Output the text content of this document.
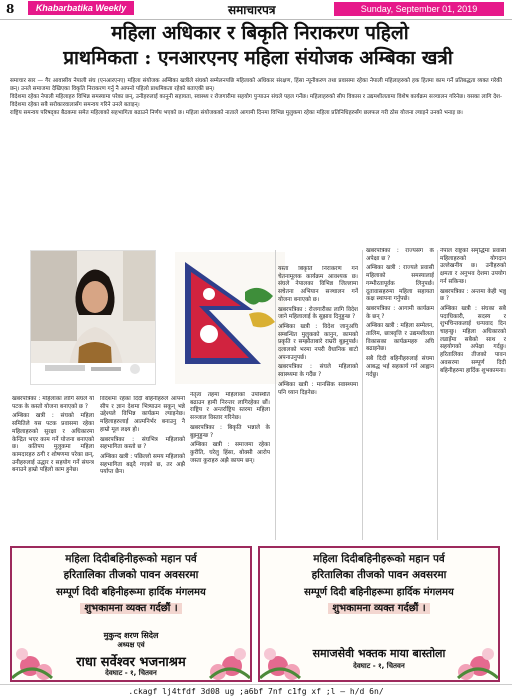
8	Khabarbatika Weekly	समाचारपत्र	Sunday, September 01, 2019
महिला अधिकार र बिकृति निराकरण पहिलो
प्राथमिकता : एनआरएनए महिला संयोजक अम्बिका खत्री

समाचार सार — गैर आवासीय नेपाली संघ (एनआरएनए) महिला संयोजक अम्बिका खत्रीले संघको सम्मेलनपछि महिलाको अधिकार संरक्षण, हिंसा न्यूनीकरण तथा प्रवासमा रहेका नेपाली महिलाहरुको हक हितमा काम गर्ने प्रतिबद्धता व्यक्त गरेकी छन्। उनले समाजमा देखिएका विकृति निराकरण गर्नु नै आफ्नो पहिलो प्राथमिकता रहेको बताएकी छन्।

विदेशमा रहेका नेपाली महिलाहरु विभिन्न समस्यामा परेका छन्, उनीहरुलाई कानुनी सहायता, स्वास्थ्य र रोजगारीमा सहयोग पुर्‍याउन संघले पहल गर्नेछ। महिलाहरुको सीप विकास र उद्यमशीलतामा विशेष कार्यक्रम सञ्चालन गरिनेछ। यसका लागि देश-विदेशमा रहेका सबै सरोकारवालासँग समन्वय गरिने उनले बताइन्।

राष्ट्रिय समन्वय परिषद्का बैठकमा समेत महिलाको सहभागिता बढाउने निर्णय भएको छ। महिला संयोजकको नाताले आगामी दिनमा विभिन्न मुलुकमा रहेका महिला प्रतिनिधिहरुसँग छलफल गरी ठोस योजना ल्याइने उनको भनाइ छ।

खबरपत्रिका : महिलाका लागि संघले यो पटक के कस्तो योजना बनाएको छ ?

अम्बिका खत्री : संघको महिला समितिले यस पटक प्रवासमा रहेका महिलाहरुको सुरक्षा र अधिकारमा केन्द्रित भएर काम गर्ने योजना बनाएको छ। कतिपय मुलुकमा महिला कामदारहरु ठगी र शोषणमा परेका छन्, उनीहरुलाई उद्धार र सहयोग गर्ने संयन्त्र बनाउने हाम्रो पहिलो काम हुनेछ।

विदेशमा रहेका दिदी बहिनीहरुले आफ्नो सीप र ज्ञान देशमा भित्र्याउन सकून् भन्ने उद्देश्यले विभिन्न कार्यक्रम ल्याइनेछ। महिलाहरुलाई आत्मनिर्भर बनाउनु नै हाम्रो मूल लक्ष्य हो।

खबरपत्रिका : संघभित्र महिलाको सहभागिता कस्तो छ ?

अम्बिका खत्री : पछिल्लो समय महिलाको सहभागिता बढ्दै गएको छ, तर अझै पर्याप्त छैन।

नेतृत्व तहमा महिलाको उपस्थिति बढाउन हामी निरन्तर लागिरहेका छौं। राष्ट्रिय र अन्तर्राष्ट्रिय स्तरमा महिला सञ्जाल विस्तार गरिनेछ।

खबरपत्रिका : बिकृति भन्नाले के बुझ्नुहुन्छ ?

अम्बिका खत्री : समाजमा रहेका कुरीति, घरेलु हिंसा, बोक्सी आरोप जस्ता कुराहरु अझै कायम छन्।

यस्ता बिकृति निराकरण गर्न चेतनामूलक कार्यक्रम आवश्यक छ। संघले नेपालका विभिन्न जिल्लामा सचेतना अभियान सञ्चालन गर्ने योजना बनाएको छ।

खबरपत्रिका : रोजगारीका लागि विदेश जाने महिलालाई के सुझाव दिनुहुन्छ ?

अम्बिका खत्री : विदेश जानुअघि सम्बन्धित मुलुकको कानुन, कामको प्रकृति र सम्झौताबारे राम्ररी बुझ्नुपर्छ। दलालको भरमा नपरी वैधानिक बाटो अपनाउनुपर्छ।

खबरपत्रिका : संघले महिलाको स्वास्थ्यमा के गर्दैछ ?

अम्बिका खत्री : मानसिक स्वास्थ्यमा पनि ध्यान दिइनेछ।

खबरपत्रिका : राज्यसँग के अपेक्षा छ ?

अम्बिका खत्री : राज्यले प्रवासी महिलाको समस्यालाई गम्भीरतापूर्वक लिनुपर्छ। दूतावासहरुमा महिला सहायता कक्ष स्थापना गर्नुपर्छ।

खबरपत्रिका : आगामी कार्यक्रम के छन् ?

अम्बिका खत्री : महिला सम्मेलन, तालिम, छात्रवृत्ति र उद्यमशीलता विकासका कार्यक्रमहरु अघि बढाइनेछ।

सबै दिदी बहिनीहरुलाई संघमा आबद्ध भई सहकार्य गर्न आह्वान गर्दछु।

नेपाल राष्ट्रको समृद्धिमा प्रवासी महिलाहरुको योगदान उल्लेखनीय छ। उनीहरुको क्षमता र अनुभव देशमा उपयोग गर्न सकिन्छ।

खबरपत्रिका : अन्तमा केही भन्नु छ ?

अम्बिका खत्री : संघका सबै पदाधिकारी, सदस्य र शुभचिन्तकलाई धन्यवाद दिन चाहन्छु। महिला अधिकारको लडाइँमा सबैको साथ र सहयोगको अपेक्षा गर्दछु। हरितालिका तीजको पावन अवसरमा सम्पूर्ण दिदी बहिनीहरुमा हार्दिक शुभकामना।

महिला दिदीबहिनीहरूको महान पर्व
हरितालिका तीजको पावन अवसरमा
सम्पूर्ण दिदी बहिनीहरूमा हार्दिक मंगलमय
शुभकामना व्यक्त गर्दछौं ।
मुकुन्द शरण सिदेल
अध्यक्ष एवं
राधा सर्वेश्वर भजनाश्रम
देवघाट - १, चितवन
महिला दिदीबहिनीहरूको महान पर्व
हरितालिका तीजको पावन अवसरमा
सम्पूर्ण दिदी बहिनीहरूमा हार्दिक मंगलमय
शुभकामना व्यक्त गर्दछौं ।
समाजसेवी भक्तक माया बास्तोला
देवघाट - १, चितवन
.ckagf lj4tfdf 3d08 ug ;a6bf 7nf c1fg xf ;l – h/d 6n/
